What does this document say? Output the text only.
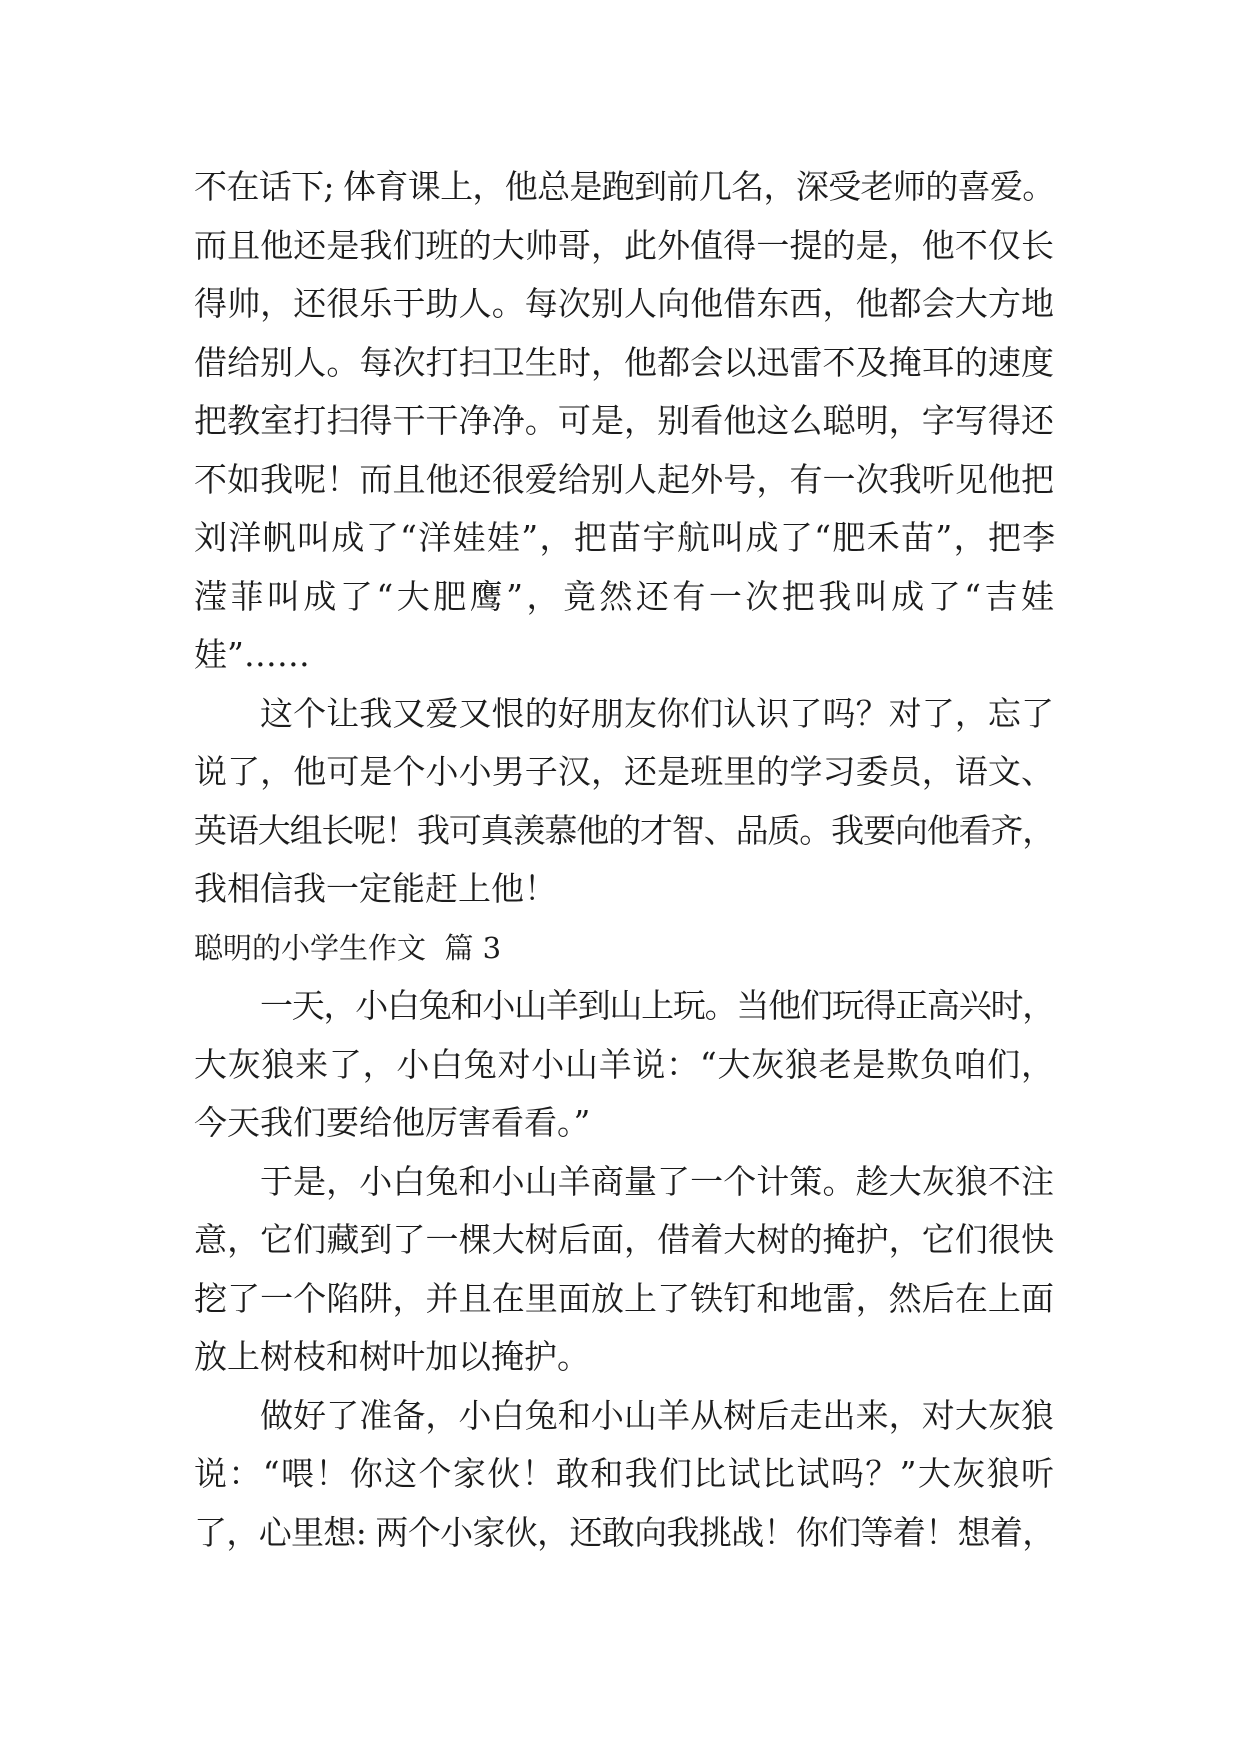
不在话下; 体育课上，他总是跑到前几名，深受老师的喜爱。
而且他还是我们班的大帅哥，此外值得一提的是，他不仅长
得帅，还很乐于助人。每次别人向他借东西，他都会大方地
借给别人。每次打扫卫生时，他都会以迅雷不及掩耳的速度
把教室打扫得干干净净。可是，别看他这么聪明，字写得还
不如我呢！而且他还很爱给别人起外号，有一次我听见他把
刘洋帆叫成了“洋娃娃”，把苗宇航叫成了“肥禾苗”，把李
滢菲叫成了“大肥鹰”，竟然还有一次把我叫成了“吉娃
娃”……
这个让我又爱又恨的好朋友你们认识了吗？对了，忘了
说了，他可是个小小男子汉，还是班里的学习委员，语文、
英语大组长呢！我可真羡慕他的才智、品质。我要向他看齐，
我相信我一定能赶上他！
聪明的小学生作文  篇 3
一天，小白兔和小山羊到山上玩。当他们玩得正高兴时，
大灰狼来了，小白兔对小山羊说：“大灰狼老是欺负咱们，
今天我们要给他厉害看看。”
于是，小白兔和小山羊商量了一个计策。趁大灰狼不注
意，它们藏到了一棵大树后面，借着大树的掩护，它们很快
挖了一个陷阱，并且在里面放上了铁钉和地雷，然后在上面
放上树枝和树叶加以掩护。
做好了准备，小白兔和小山羊从树后走出来，对大灰狼
说：“喂！你这个家伙！敢和我们比试比试吗？”大灰狼听
了，心里想: 两个小家伙，还敢向我挑战！你们等着！想着，
